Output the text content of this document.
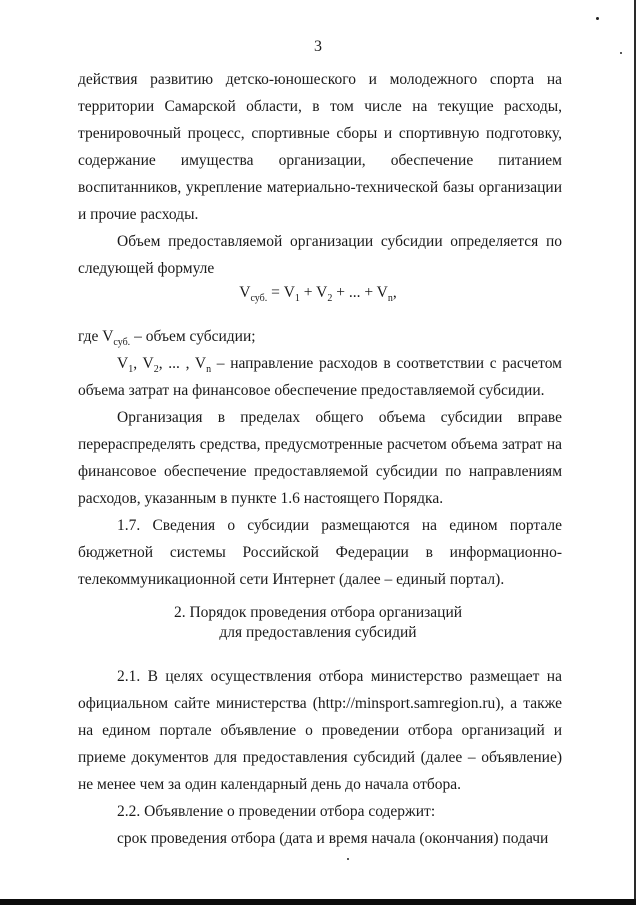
3

действия развитию детско-юношеского и молодежного спорта на территории Самарской области, в том числе на текущие расходы, тренировочный процесс, спортивные сборы и спортивную подготовку, содержание имущества организации, обеспечение питанием воспитанников, укрепление материально-технической базы организации и прочие расходы.

Объем предоставляемой организации субсидии определяется по следующей формуле

$V_{суб.} = V_1 + V_2$ + ... + $V_n$,

где $V_{суб.}$ – объем субсидии;

$V_1$, $V_2$, ... , $V_n$ – направление расходов в соответствии с расчетом объема затрат на финансовое обеспечение предоставляемой субсидии.

Организация в пределах общего объема субсидии вправе перераспределять средства, предусмотренные расчетом объема затрат на финансовое обеспечение предоставляемой субсидии по направлениям расходов, указанным в пункте 1.6 настоящего Порядка.

1.7. Сведения о субсидии размещаются на едином портале бюджетной системы Российской Федерации в информационно-телекоммуникационной сети Интернет (далее – единый портал).

2. Порядок проведения отбора организаций
для предоставления субсидий

2.1. В целях осуществления отбора министерство размещает на официальном сайте министерства (http://minsport.samregion.ru), а также на едином портале объявление о проведении отбора организаций и приеме документов для предоставления субсидий (далее – объявление) не менее чем за один календарный день до начала отбора.

2.2. Объявление о проведении отбора содержит:

срок проведения отбора (дата и время начала (окончания) подачи
